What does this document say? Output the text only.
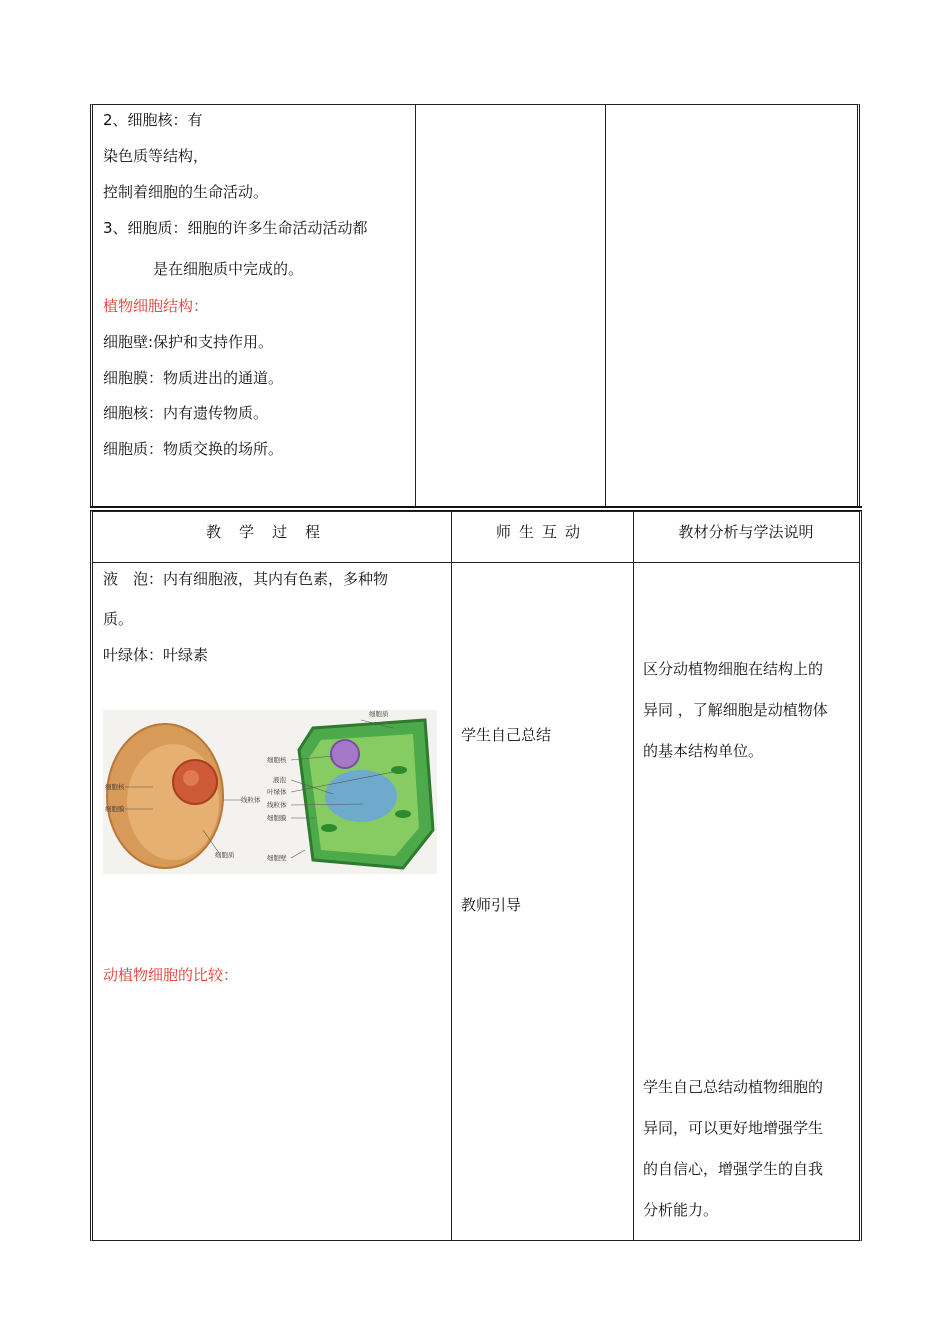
2、细胞核：有
染色质等结构，
控制着细胞的生命活动。
3、细胞质：细胞的许多生命活动活动都
是在细胞质中完成的。
植物细胞结构：
细胞壁:保护和支持作用。
细胞膜：物质进出的通道。
细胞核：内有遗传物质。
细胞质：物质交换的场所。
教学过程
液　泡：内有细胞液，其内有色素，多种物
质。
叶绿体：叶绿素
细胞核
细胞膜
线粒体
细胞质
细胞质
细胞核
液泡
叶绿体
线粒体
细胞膜
细胞壁
动植物细胞的比较：
师生互动
学生自己总结
教师引导
教材分析与学法说明
区分动植物细胞在结构上的
异同 ，了解细胞是动植物体
的基本结构单位。
学生自己总结动植物细胞的
异同，可以更好地增强学生
的自信心，增强学生的自我
分析能力。
